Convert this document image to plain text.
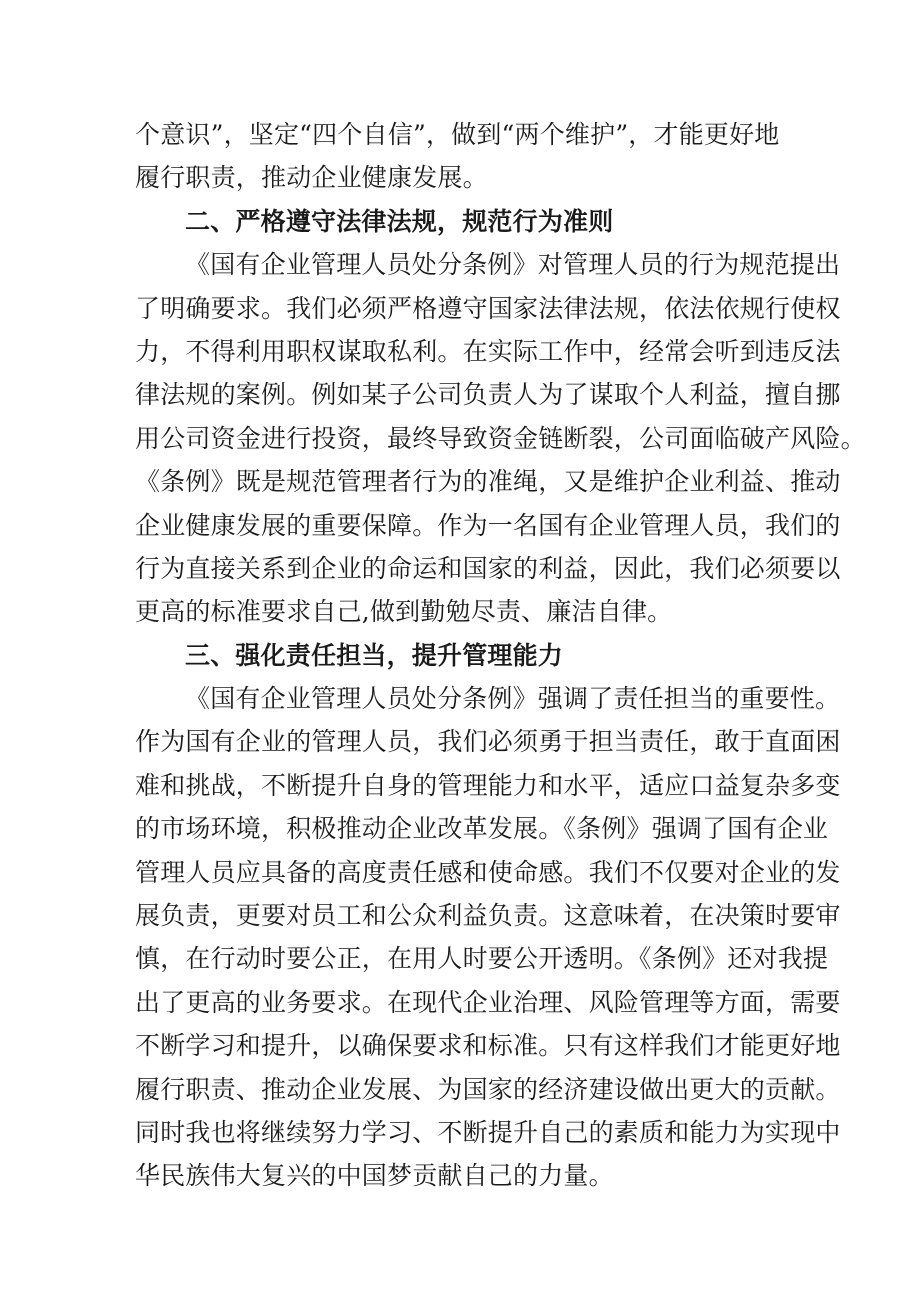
个意识”，坚定“四个自信”，做到“两个维护”，才能更好地
履行职责，推动企业健康发展。
二、严格遵守法律法规，规范行为准则
《国有企业管理人员处分条例》对管理人员的行为规范提出
了明确要求。我们必须严格遵守国家法律法规，依法依规行使权
力，不得利用职权谋取私利。在实际工作中，经常会听到违反法
律法规的案例。例如某子公司负责人为了谋取个人利益，擅自挪
用公司资金进行投资，最终导致资金链断裂，公司面临破产风险。
《条例》既是规范管理者行为的准绳，又是维护企业利益、推动
企业健康发展的重要保障。作为一名国有企业管理人员，我们的
行为直接关系到企业的命运和国家的利益，因此，我们必须要以
更高的标准要求自己,做到勤勉尽责、廉洁自律。
三、强化责任担当，提升管理能力
《国有企业管理人员处分条例》强调了责任担当的重要性。
作为国有企业的管理人员，我们必须勇于担当责任，敢于直面困
难和挑战，不断提升自身的管理能力和水平，适应口益复杂多变
的市场环境，积极推动企业改革发展。《条例》强调了国有企业
管理人员应具备的高度责任感和使命感。我们不仅要对企业的发
展负责，更要对员工和公众利益负责。这意味着，在决策时要审
慎，在行动时要公正，在用人时要公开透明。《条例》还对我提
出了更高的业务要求。在现代企业治理、风险管理等方面，需要
不断学习和提升，以确保要求和标准。只有这样我们才能更好地
履行职责、推动企业发展、为国家的经济建设做出更大的贡献。
同时我也将继续努力学习、不断提升自己的素质和能力为实现中
华民族伟大复兴的中国梦贡献自己的力量。
